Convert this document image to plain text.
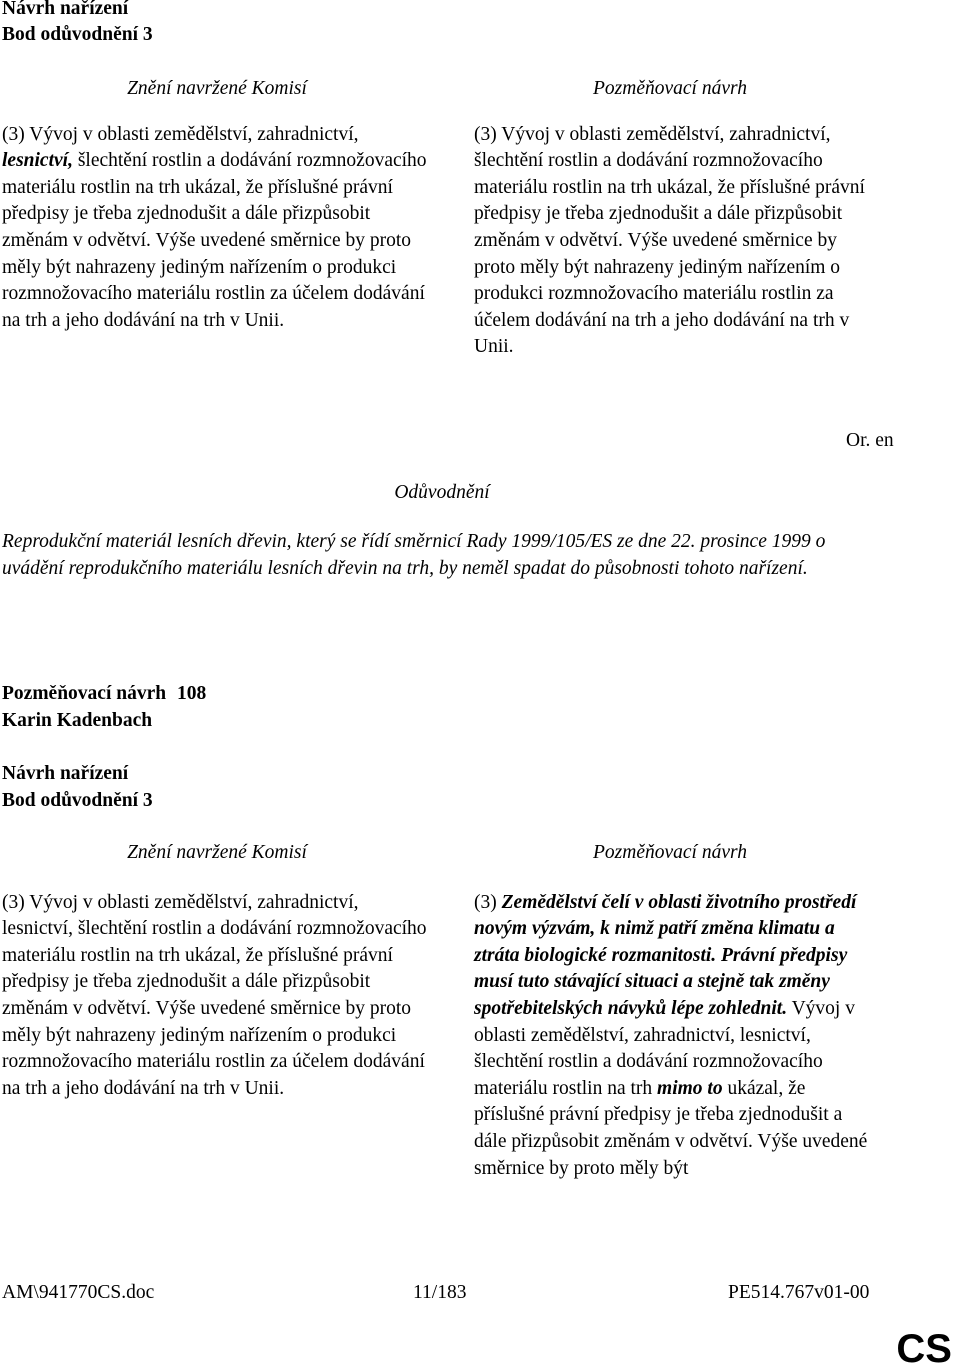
Návrh nařízení
Bod odůvodnění 3
Znění navržené Komisí

(3) Vývoj v oblasti zemědělství, zahradnictví, lesnictví, šlechtění rostlin a dodávání rozmnožovacího materiálu rostlin na trh ukázal, že příslušné právní předpisy je třeba zjednodušit a dále přizpůsobit změnám v odvětví. Výše uvedené směrnice by proto měly být nahrazeny jediným nařízením o produkci rozmnožovacího materiálu rostlin za účelem dodávání na trh a jeho dodávání na trh v Unii.

Pozměňovací návrh

(3) Vývoj v oblasti zemědělství, zahradnictví, šlechtění rostlin a dodávání rozmnožovacího materiálu rostlin na trh ukázal, že příslušné právní předpisy je třeba zjednodušit a dále přizpůsobit změnám v odvětví. Výše uvedené směrnice by proto měly být nahrazeny jediným nařízením o produkci rozmnožovacího materiálu rostlin za účelem dodávání na trh a jeho dodávání na trh v Unii.

Or. en
Odůvodnění

Reprodukční materiál lesních dřevin, který se řídí směrnicí Rady 1999/105/ES ze dne 22. prosince 1999 o uvádění reprodukčního materiálu lesních dřevin na trh, by neměl spadat do působnosti tohoto nařízení.

Pozměňovací návrh 108
Karin Kadenbach
Návrh nařízení
Bod odůvodnění 3
Znění navržené Komisí

(3) Vývoj v oblasti zemědělství, zahradnictví, lesnictví, šlechtění rostlin a dodávání rozmnožovacího materiálu rostlin na trh ukázal, že příslušné právní předpisy je třeba zjednodušit a dále přizpůsobit změnám v odvětví. Výše uvedené směrnice by proto měly být nahrazeny jediným nařízením o produkci rozmnožovacího materiálu rostlin za účelem dodávání na trh a jeho dodávání na trh v Unii.

Pozměňovací návrh

(3) Zemědělství čelí v oblasti životního prostředí novým výzvám, k nimž patří změna klimatu a ztráta biologické rozmanitosti. Právní předpisy musí tuto stávající situaci a stejně tak změny spotřebitelských návyků lépe zohlednit. Vývoj v oblasti zemědělství, zahradnictví, lesnictví, šlechtění rostlin a dodávání rozmnožovacího materiálu rostlin na trh mimo to ukázal, že příslušné právní předpisy je třeba zjednodušit a dále přizpůsobit změnám v odvětví. Výše uvedené směrnice by proto měly být

AM\941770CS.doc	11/183	PE514.767v01-00
CS
